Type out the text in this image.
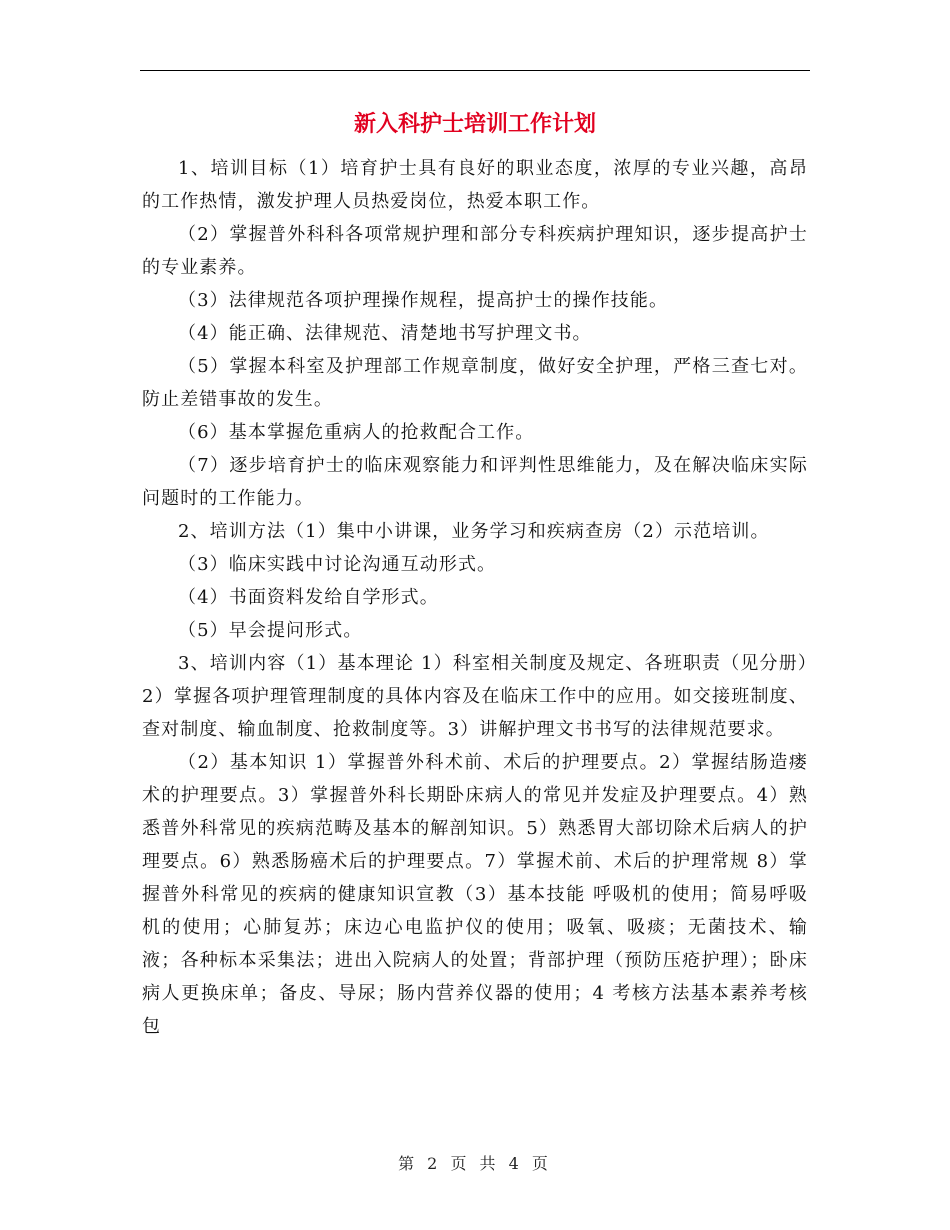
新入科护士培训工作计划

1、培训目标（1）培育护士具有良好的职业态度，浓厚的专业兴趣，高昂的工作热情，激发护理人员热爱岗位，热爱本职工作。

（2）掌握普外科科各项常规护理和部分专科疾病护理知识，逐步提高护士的专业素养。

（3）法律规范各项护理操作规程，提高护士的操作技能。

（4）能正确、法律规范、清楚地书写护理文书。

（5）掌握本科室及护理部工作规章制度，做好安全护理，严格三查七对。防止差错事故的发生。

（6）基本掌握危重病人的抢救配合工作。

（7）逐步培育护士的临床观察能力和评判性思维能力，及在解决临床实际问题时的工作能力。

2、培训方法（1）集中小讲课，业务学习和疾病查房（2）示范培训。

（3）临床实践中讨论沟通互动形式。

（4）书面资料发给自学形式。

（5）早会提问形式。

3、培训内容（1）基本理论 1）科室相关制度及规定、各班职责（见分册）2）掌握各项护理管理制度的具体内容及在临床工作中的应用。如交接班制度、查对制度、输血制度、抢救制度等。3）讲解护理文书书写的法律规范要求。

（2）基本知识 1）掌握普外科术前、术后的护理要点。2）掌握结肠造瘘术的护理要点。3）掌握普外科长期卧床病人的常见并发症及护理要点。4）熟悉普外科常见的疾病范畴及基本的解剖知识。5）熟悉胃大部切除术后病人的护理要点。6）熟悉肠癌术后的护理要点。7）掌握术前、术后的护理常规 8）掌握普外科常见的疾病的健康知识宣教（3）基本技能 呼吸机的使用；简易呼吸机的使用；心肺复苏；床边心电监护仪的使用；吸氧、吸痰；无菌技术、输液；各种标本采集法；进出入院病人的处置；背部护理（预防压疮护理）；卧床病人更换床单；备皮、导尿；肠内营养仪器的使用；4 考核方法基本素养考核 包

第 2 页 共 4 页
